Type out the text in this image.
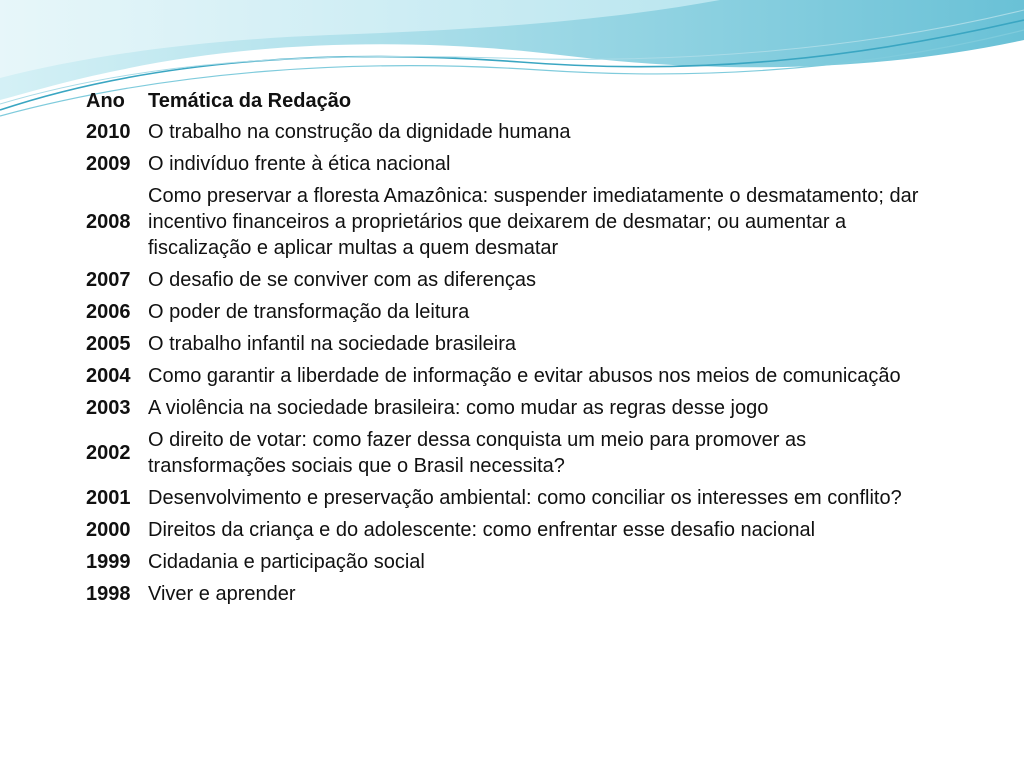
Ano	Temática da Redação
2010	O trabalho na construção da dignidade humana
2009	O indivíduo frente à ética nacional
2008	Como preservar a floresta Amazônica: suspender imediatamente o desmatamento; dar incentivo financeiros a proprietários que deixarem de desmatar; ou aumentar a fiscalização e aplicar multas a quem desmatar
2007	O desafio de se conviver com as diferenças
2006	O poder de transformação da leitura
2005	O trabalho infantil na sociedade brasileira
2004	Como garantir a liberdade de informação e evitar abusos nos meios de comunicação
2003	A violência na sociedade brasileira: como mudar as regras desse jogo
2002	O direito de votar: como fazer dessa conquista um meio para promover as transformações sociais que o Brasil necessita?
2001	Desenvolvimento e preservação ambiental: como conciliar os interesses em conflito?
2000	Direitos da criança e do adolescente: como enfrentar esse desafio nacional
1999	Cidadania e participação social
1998	Viver e aprender
